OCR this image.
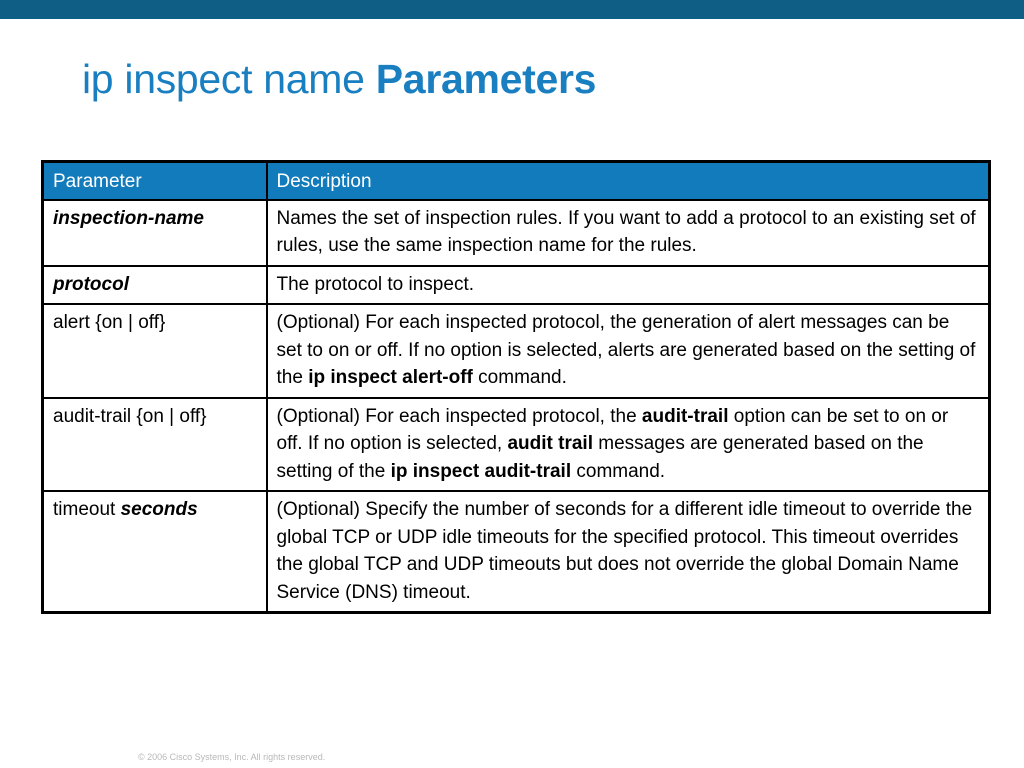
ip inspect name Parameters
Parameter	Description
inspection-name	Names the set of inspection rules. If you want to add a protocol to an existing set of rules, use the same inspection name for the rules.
protocol	The protocol to inspect.
alert {on | off}	(Optional) For each inspected protocol, the generation of alert messages can be set to on or off. If no option is selected, alerts are generated based on the setting of the ip inspect alert-off command.
audit-trail {on | off}	(Optional) For each inspected protocol, the audit-trail option can be set to on or off. If no option is selected, audit trail messages are generated based on the setting of the ip inspect audit-trail command.
timeout seconds	(Optional) Specify the number of seconds for a different idle timeout to override the global TCP or UDP idle timeouts for the specified protocol. This timeout overrides the global TCP and UDP timeouts but does not override the global Domain Name Service (DNS) timeout.
© 2006 Cisco Systems, Inc. All rights reserved.
